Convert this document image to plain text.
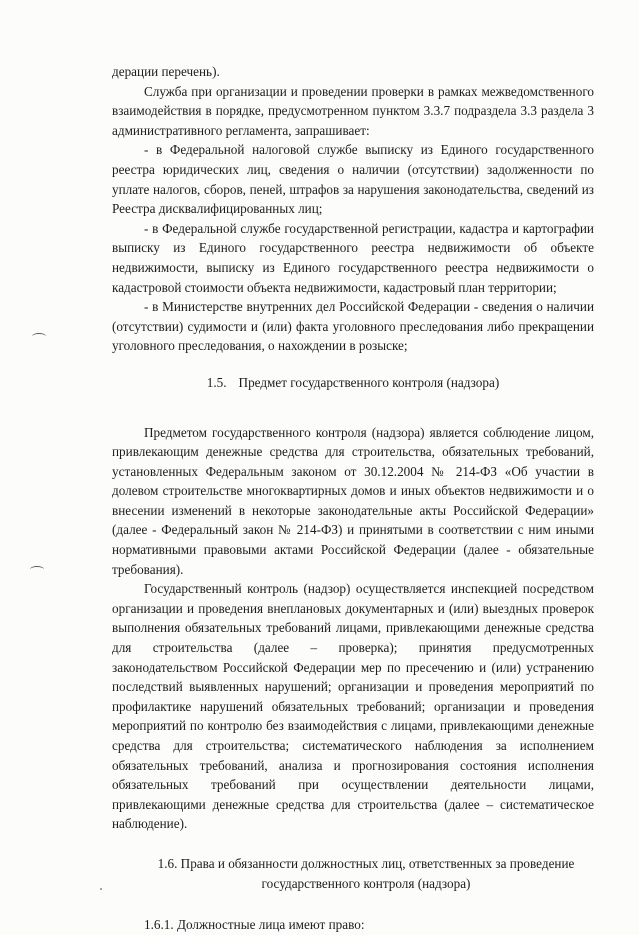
дерации перечень).

Служба при организации и проведении проверки в рамках межведомственного взаимодействия в порядке, предусмотренном пунктом 3.3.7 подраздела 3.3 раздела 3 административного регламента, запрашивает:

- в Федеральной налоговой службе выписку из Единого государственного реестра юридических лиц, сведения о наличии (отсутствии) задолженности по уплате налогов, сборов, пеней, штрафов за нарушения законодательства, сведений из Реестра дисквалифицированных лиц;

- в Федеральной службе государственной регистрации, кадастра и картографии выписку из Единого государственного реестра недвижимости об объекте недвижимости, выписку из Единого государственного реестра недвижимости о кадастровой стоимости объекта недвижимости, кадастровый план территории;

- в Министерстве внутренних дел Российской Федерации - сведения о наличии (отсутствии) судимости и (или) факта уголовного преследования либо прекращении уголовного преследования, о нахождении в розыске;

1.5. Предмет государственного контроля (надзора)

Предметом государственного контроля (надзора) является соблюдение лицом, привлекающим денежные средства для строительства, обязательных требований, установленных Федеральным законом от 30.12.2004 № 214-ФЗ «Об участии в долевом строительстве многоквартирных домов и иных объектов недвижимости и о внесении изменений в некоторые законодательные акты Российской Федерации» (далее - Федеральный закон № 214-ФЗ) и принятыми в соответствии с ним иными нормативными правовыми актами Российской Федерации (далее - обязательные требования).

Государственный контроль (надзор) осуществляется инспекцией посредством организации и проведения внеплановых документарных и (или) выездных проверок выполнения обязательных требований лицами, привлекающими денежные средства для строительства (далее – проверка); принятия предусмотренных законодательством Российской Федерации мер по пресечению и (или) устранению последствий выявленных нарушений; организации и проведения мероприятий по профилактике нарушений обязательных требований; организации и проведения мероприятий по контролю без взаимодействия с лицами, привлекающими денежные средства для строительства; систематического наблюдения за исполнением обязательных требований, анализа и прогнозирования состояния исполнения обязательных требований при осуществлении деятельности лицами, привлекающими денежные средства для строительства (далее – систематическое наблюдение).

1.6. Права и обязанности должностных лиц, ответственных за проведение государственного контроля (надзора)

1.6.1. Должностные лица имеют право:
